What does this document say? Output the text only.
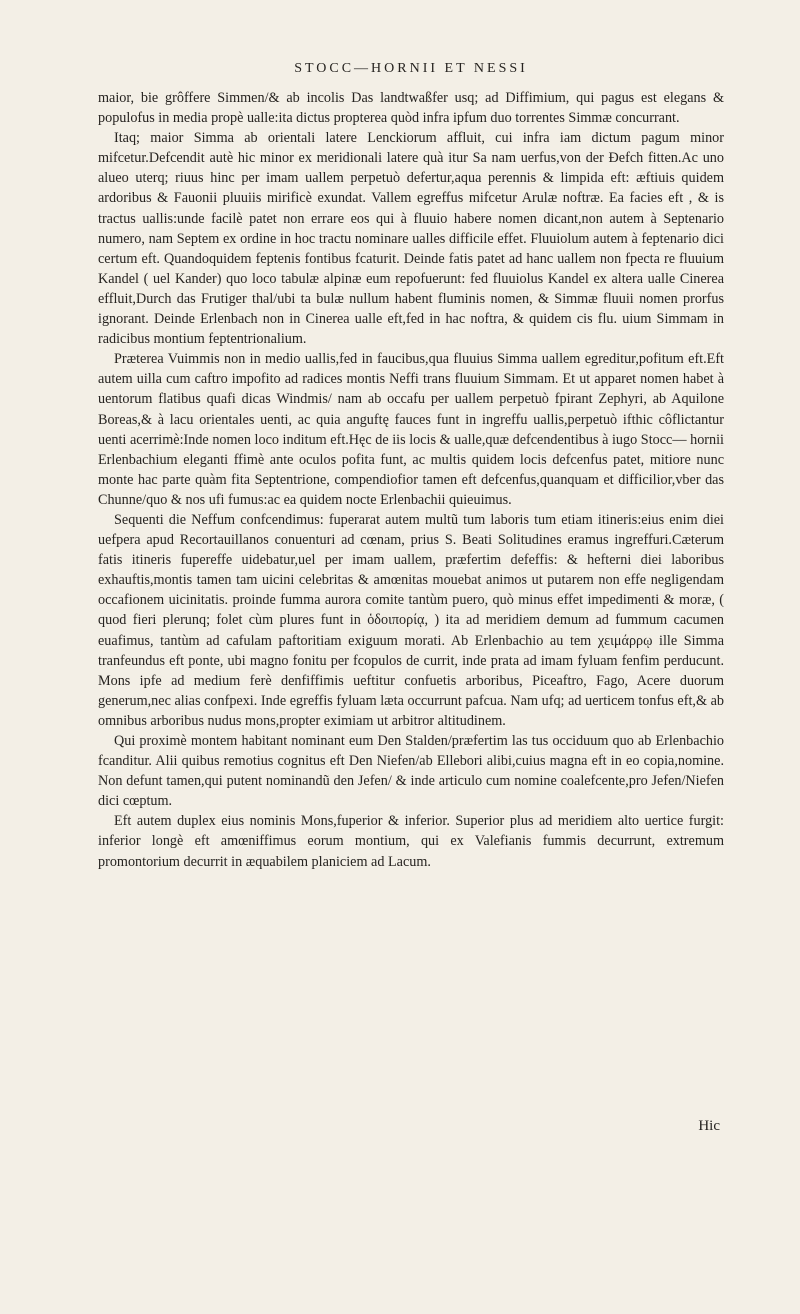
STOCC—HORNII ET NESSI

maior, bie grôffere Simmen/& ab incolis Das landtwaßfer usq; ad Diffimium, qui pagus est elegans & populofus in media propè ualle:ita dictus propterea quòd infra ipfum duo torrentes Simmæ concurrant.

Itaq; maior Simma ab orientali latere Lenckiorum affluit, cui infra iam dictum pagum minor mifcetur.Defcendit autè hic minor ex meridionali latere quà itur Sa nam uerfus,von der Ðefch fitten.Ac uno alueo uterq; riuus hinc per imam uallem perpetuò defertur,aqua perennis & limpida eft: æftiuis quidem ardoribus & Fauonii pluuiis mirificè exundat. Vallem egreffus mifcetur Arulæ noftræ. Ea facies eft , & is tractus uallis:unde facilè patet non errare eos qui à fluuio habere nomen dicant,non autem à Septenario numero, nam Septem ex ordine in hoc tractu nominare ualles difficile effet. Fluuiolum autem à feptenario dici certum eft. Quandoquidem feptenis fontibus fcaturit. Deinde fatis patet ad hanc uallem non fpecta re fluuium Kandel ( uel Kander) quo loco tabulæ alpinæ eum repofuerunt: fed fluuiolus Kandel ex altera ualle Cinerea effluit,Durch das Frutiger thal/ubi ta bulæ nullum habent fluminis nomen, & Simmæ fluuii nomen prorfus ignorant. Deinde Erlenbach non in Cinerea ualle eft,fed in hac noftra, & quidem cis flu. uium Simmam in radicibus montium feptentrionalium.

Præterea Vuimmis non in medio uallis,fed in faucibus,qua fluuius Simma uallem egreditur,pofitum eft.Eft autem uilla cum caftro impofito ad radices montis Neffi trans fluuium Simmam. Et ut apparet nomen habet à uentorum flatibus quafi dicas Windmis/ nam ab occafu per uallem perpetuò fpirant Zephyri, ab Aquilone Boreas,& à lacu orientales uenti, ac quia anguftę fauces funt in ingreffu uallis,perpetuò ifthic côflictantur uenti acerrimè:Inde nomen loco inditum eft.Hęc de iis locis & ualle,quæ defcendentibus à iugo Stocc— hornii Erlenbachium eleganti ffimè ante oculos pofita funt, ac multis quidem locis defcenfus patet, mitiore nunc monte hac parte quàm fita Septentrione, compendiofior tamen eft defcenfus,quanquam et difficilior,vber das Chunne/quo & nos ufi fumus:ac ea quidem nocte Erlenbachii quieuimus.

Sequenti die Neffum confcendimus: fuperarat autem multũ tum laboris tum etiam itineris:eius enim diei uefpera apud Recortauillanos conuenturi ad cœnam, prius S. Beati Solitudines eramus ingreffuri.Cæterum fatis itineris fupereffe uidebatur,uel per imam uallem, præfertim defeffis: & hefterni diei laboribus exhauftis,montis tamen tam uicini celebritas & amœnitas mouebat animos ut putarem non effe negligendam occafionem uicinitatis. proinde fumma aurora comite tantùm puero, quò minus effet impedimenti & moræ, ( quod fieri plerunq; folet cùm plures funt in ὁδοιπορίᾳ, ) ita ad meridiem demum ad fummum cacumen euafimus, tantùm ad cafulam paftoritiam exiguum morati. Ab Erlenbachio au tem χειμάρρῳ ille Simma tranfeundus eft ponte, ubi magno fonitu per fcopulos de currit, inde prata ad imam fyluam fenfim perducunt. Mons ipfe ad medium ferè denfiffimis ueftitur confuetis arboribus, Piceaftro, Fago, Acere duorum generum,nec alias confpexi. Inde egreffis fyluam læta occurrunt pafcua. Nam ufq; ad uerticem tonfus eft,& ab omnibus arboribus nudus mons,propter eximiam ut arbitror altitudinem.

Qui proximè montem habitant nominant eum Den Stalden/præfertim las tus occiduum quo ab Erlenbachio fcanditur. Alii quibus remotius cognitus eft Den Niefen/ab Ellebori alibi,cuius magna eft in eo copia,nomine. Non defunt tamen,qui putent nominandũ den Jefen/ & inde articulo cum nomine coalefcente,pro Jefen/Niefen dici cœptum.

Eft autem duplex eius nominis Mons,fuperior & inferior. Superior plus ad meridiem alto uertice furgit: inferior longè eft amœniffimus eorum montium, qui ex Valefianis fummis decurrunt, extremum promontorium decurrit in æquabilem planiciem ad Lacum.

Hic
